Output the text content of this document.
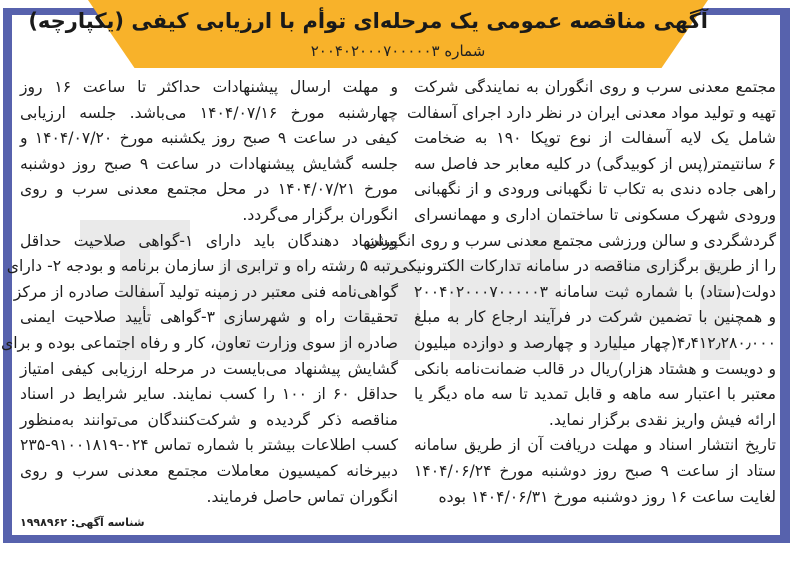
آگهی مناقصه عمومی یک مرحله‌ای توأم با ارزیابی کیفی (یکپارچه)
شماره ۲۰۰۴۰۲۰۰۰۷۰۰۰۰۰۳
مجتمع معدنی سرب و روی انگوران به نمایندگی شرکت
تهیه و تولید مواد معدنی ایران در نظر دارد اجرای آسفالت
شامل یک لایه آسفالت از نوع توپکا ۱۹۰ به ضخامت
۶ سانتیمتر(پس از کوبیدگی) در کلیه معابر حد فاصل سه
راهی جاده دندی به تکاب تا نگهبانی ورودی و از نگهبانی
ورودی شهرک مسکونی تا ساختمان اداری و مهمانسرای
گردشگردی و سالن ورزشی مجتمع معدنی سرب و روی انگوران
را از طریق برگزاری مناقصه در سامانه تدارکات الکترونیکی
دولت(ستاد) با شماره ثبت سامانه ۲۰۰۴۰۲۰۰۰۷۰۰۰۰۰۳
و همچنین با تضمین شرکت در فرآیند ارجاع کار به مبلغ
۴٫۴۱۲٫۲۸۰٫۰۰۰(چهار میلیارد و چهارصد و دوازده میلیون
و دویست و هشتاد هزار)ریال در قالب ضمانت‌نامه بانکی
معتبر با اعتبار سه ماهه و قابل تمدید تا سه ماه دیگر یا
ارائه فیش واریز نقدی برگزار نماید.
تاریخ انتشار اسناد و مهلت دریافت آن از طریق سامانه
ستاد از ساعت ۹ صبح روز دوشنبه مورخ ۱۴۰۴/۰۶/۲۴
لغایت ساعت ۱۶ روز دوشنبه مورخ ۱۴۰۴/۰۶/۳۱ بوده
و مهلت ارسال پیشنهادات حداکثر تا ساعت ۱۶ روز
چهارشنبه مورخ ۱۴۰۴/۰۷/۱۶ می‌باشد. جلسه ارزیابی
کیفی در ساعت ۹ صبح روز یکشنبه مورخ ۱۴۰۴/۰۷/۲۰ و
جلسه گشایش پیشنهادات در ساعت ۹ صبح روز دوشنبه
مورخ ۱۴۰۴/۰۷/۲۱ در محل مجتمع معدنی سرب و روی
انگوران برگزار می‌گردد.
پیشنهاد دهندگان باید دارای ۱-گواهی صلاحیت حداقل
رتبه ۵ رشته راه و ترابری از سازمان برنامه و بودجه ۲- دارای
گواهی‌نامه فنی معتبر در زمینه تولید آسفالت صادره از مرکز
تحقیقات راه و شهرسازی ۳-گواهی تأیید صلاحیت ایمنی
صادره از سوی وزارت تعاون، کار و رفاه اجتماعی بوده و برای
گشایش پیشنهاد می‌بایست در مرحله ارزیابی کیفی امتیاز
حداقل ۶۰ از ۱۰۰ را کسب نمایند. سایر شرایط در اسناد
مناقصه ذکر گردیده و شرکت‌کنندگان می‌توانند به‌منظور
کسب اطلاعات بیشتر با شماره تماس ۰۲۴-۹۱۰۰۱۸۱۹-۲۳۵
دبیرخانه کمیسیون معاملات مجتمع معدنی سرب و روی
انگوران تماس حاصل فرمایند.
شناسه آگهی: ۱۹۹۸۹۶۲
